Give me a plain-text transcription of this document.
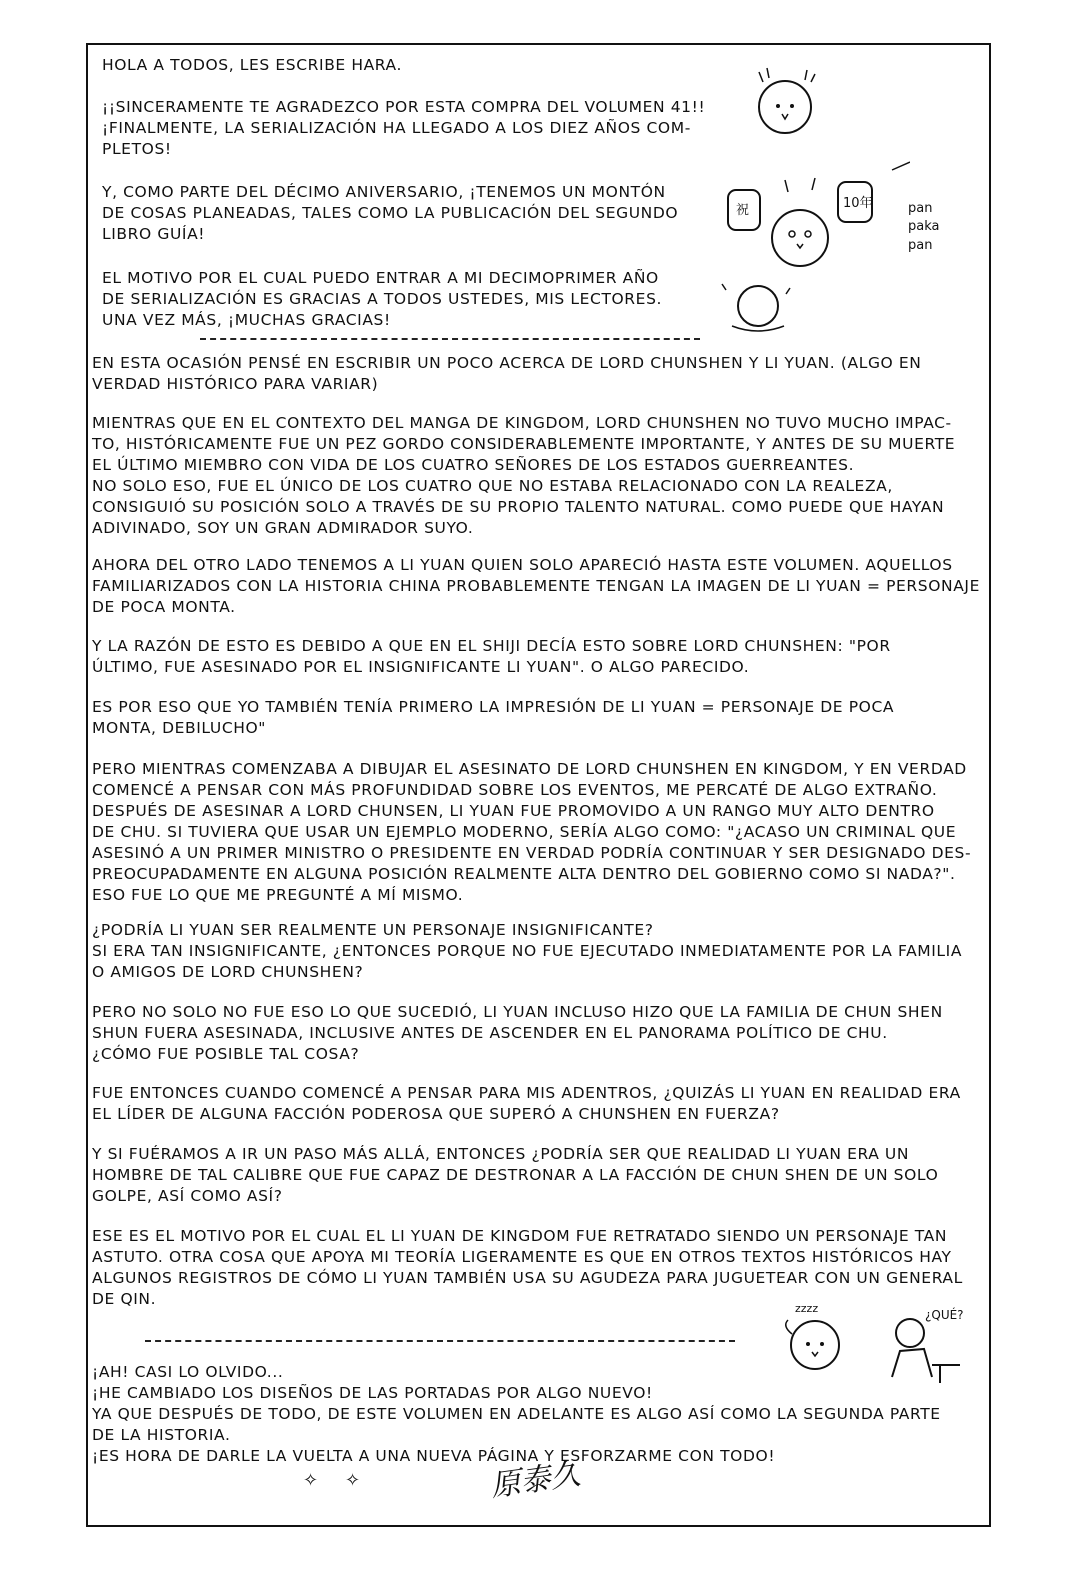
HOLA A TODOS, LES ESCRIBE HARA.
¡¡SINCERAMENTE TE AGRADEZCO POR ESTA COMPRA DEL VOLUMEN 41!!
¡FINALMENTE, LA SERIALIZACIÓN HA LLEGADO A LOS DIEZ AÑOS COM-
PLETOS!
Y, COMO PARTE DEL DÉCIMO ANIVERSARIO, ¡TENEMOS UN MONTÓN
DE COSAS PLANEADAS, TALES COMO LA PUBLICACIÓN DEL SEGUNDO
LIBRO GUÍA!
EL MOTIVO POR EL CUAL PUEDO ENTRAR A MI DECIMOPRIMER AÑO
DE SERIALIZACIÓN ES GRACIAS A TODOS USTEDES, MIS LECTORES.
UNA VEZ MÁS, ¡MUCHAS GRACIAS!
祝	10年	pan
paka
pan
EN ESTA OCASIÓN PENSÉ EN ESCRIBIR UN POCO ACERCA DE LORD CHUNSHEN Y LI YUAN. (ALGO EN
VERDAD HISTÓRICO PARA VARIAR)
MIENTRAS QUE EN EL CONTEXTO DEL MANGA DE KINGDOM, LORD CHUNSHEN NO TUVO MUCHO IMPAC-
TO, HISTÓRICAMENTE FUE UN PEZ GORDO CONSIDERABLEMENTE IMPORTANTE, Y ANTES DE SU MUERTE
EL ÚLTIMO MIEMBRO CON VIDA DE LOS CUATRO SEÑORES DE LOS ESTADOS GUERREANTES.
NO SOLO ESO, FUE EL ÚNICO DE LOS CUATRO QUE NO ESTABA RELACIONADO CON LA REALEZA,
CONSIGUIÓ SU POSICIÓN SOLO A TRAVÉS DE SU PROPIO TALENTO NATURAL. COMO PUEDE QUE HAYAN
ADIVINADO, SOY UN GRAN ADMIRADOR SUYO.
AHORA DEL OTRO LADO TENEMOS A LI YUAN QUIEN SOLO APARECIÓ HASTA ESTE VOLUMEN. AQUELLOS
FAMILIARIZADOS CON LA HISTORIA CHINA PROBABLEMENTE TENGAN LA IMAGEN DE LI YUAN = PERSONAJE
DE POCA MONTA.
Y LA RAZÓN DE ESTO ES DEBIDO A QUE EN EL SHIJI DECÍA ESTO SOBRE LORD CHUNSHEN: "POR
ÚLTIMO, FUE ASESINADO POR EL INSIGNIFICANTE LI YUAN". O ALGO PARECIDO.
ES POR ESO QUE YO TAMBIÉN TENÍA PRIMERO LA IMPRESIÓN DE LI YUAN = PERSONAJE DE POCA
MONTA, DEBILUCHO"
PERO MIENTRAS COMENZABA A DIBUJAR EL ASESINATO DE LORD CHUNSHEN EN KINGDOM, Y EN VERDAD
COMENCÉ A PENSAR CON MÁS PROFUNDIDAD SOBRE LOS EVENTOS, ME PERCATÉ DE ALGO EXTRAÑO.
DESPUÉS DE ASESINAR A LORD CHUNSEN, LI YUAN FUE PROMOVIDO A UN RANGO MUY ALTO DENTRO
DE CHU. SI TUVIERA QUE USAR UN EJEMPLO MODERNO, SERÍA ALGO COMO: "¿ACASO UN CRIMINAL QUE
ASESINÓ A UN PRIMER MINISTRO O PRESIDENTE EN VERDAD PODRÍA CONTINUAR Y SER DESIGNADO DES-
PREOCUPADAMENTE EN ALGUNA POSICIÓN REALMENTE ALTA DENTRO DEL GOBIERNO COMO SI NADA?".
ESO FUE LO QUE ME PREGUNTÉ A MÍ MISMO.
¿PODRÍA LI YUAN SER REALMENTE UN PERSONAJE INSIGNIFICANTE?
SI ERA TAN INSIGNIFICANTE, ¿ENTONCES PORQUE NO FUE EJECUTADO INMEDIATAMENTE POR LA FAMILIA
O AMIGOS DE LORD CHUNSHEN?
PERO NO SOLO NO FUE ESO LO QUE SUCEDIÓ, LI YUAN INCLUSO HIZO QUE LA FAMILIA DE CHUN SHEN
SHUN FUERA ASESINADA, INCLUSIVE ANTES DE ASCENDER EN EL PANORAMA POLÍTICO DE CHU.
¿CÓMO FUE POSIBLE TAL COSA?
FUE ENTONCES CUANDO COMENCÉ A PENSAR PARA MIS ADENTROS, ¿QUIZÁS LI YUAN EN REALIDAD ERA
EL LÍDER DE ALGUNA FACCIÓN PODEROSA QUE SUPERÓ A CHUNSHEN EN FUERZA?
Y SI FUÉRAMOS A IR UN PASO MÁS ALLÁ, ENTONCES ¿PODRÍA SER QUE REALIDAD LI YUAN ERA UN
HOMBRE DE TAL CALIBRE QUE FUE CAPAZ DE DESTRONAR A LA FACCIÓN DE CHUN SHEN DE UN SOLO
GOLPE, ASÍ COMO ASÍ?
ESE ES EL MOTIVO POR EL CUAL EL LI YUAN DE KINGDOM FUE RETRATADO SIENDO UN PERSONAJE TAN
ASTUTO. OTRA COSA QUE APOYA MI TEORÍA LIGERAMENTE ES QUE EN OTROS TEXTOS HISTÓRICOS HAY
ALGUNOS REGISTROS DE CÓMO LI YUAN TAMBIÉN USA SU AGUDEZA PARA JUGUETEAR CON UN GENERAL
DE QIN.
zzzz	¿QUÉ?
¡AH! CASI LO OLVIDO...
¡HE CAMBIADO LOS DISEÑOS DE LAS PORTADAS POR ALGO NUEVO!
YA QUE DESPUÉS DE TODO, DE ESTE VOLUMEN EN ADELANTE ES ALGO ASÍ COMO LA SEGUNDA PARTE
DE LA HISTORIA.
¡ES HORA DE DARLE LA VUELTA A UNA NUEVA PÁGINA Y ESFORZARME CON TODO!
✧ ✧	原泰久
